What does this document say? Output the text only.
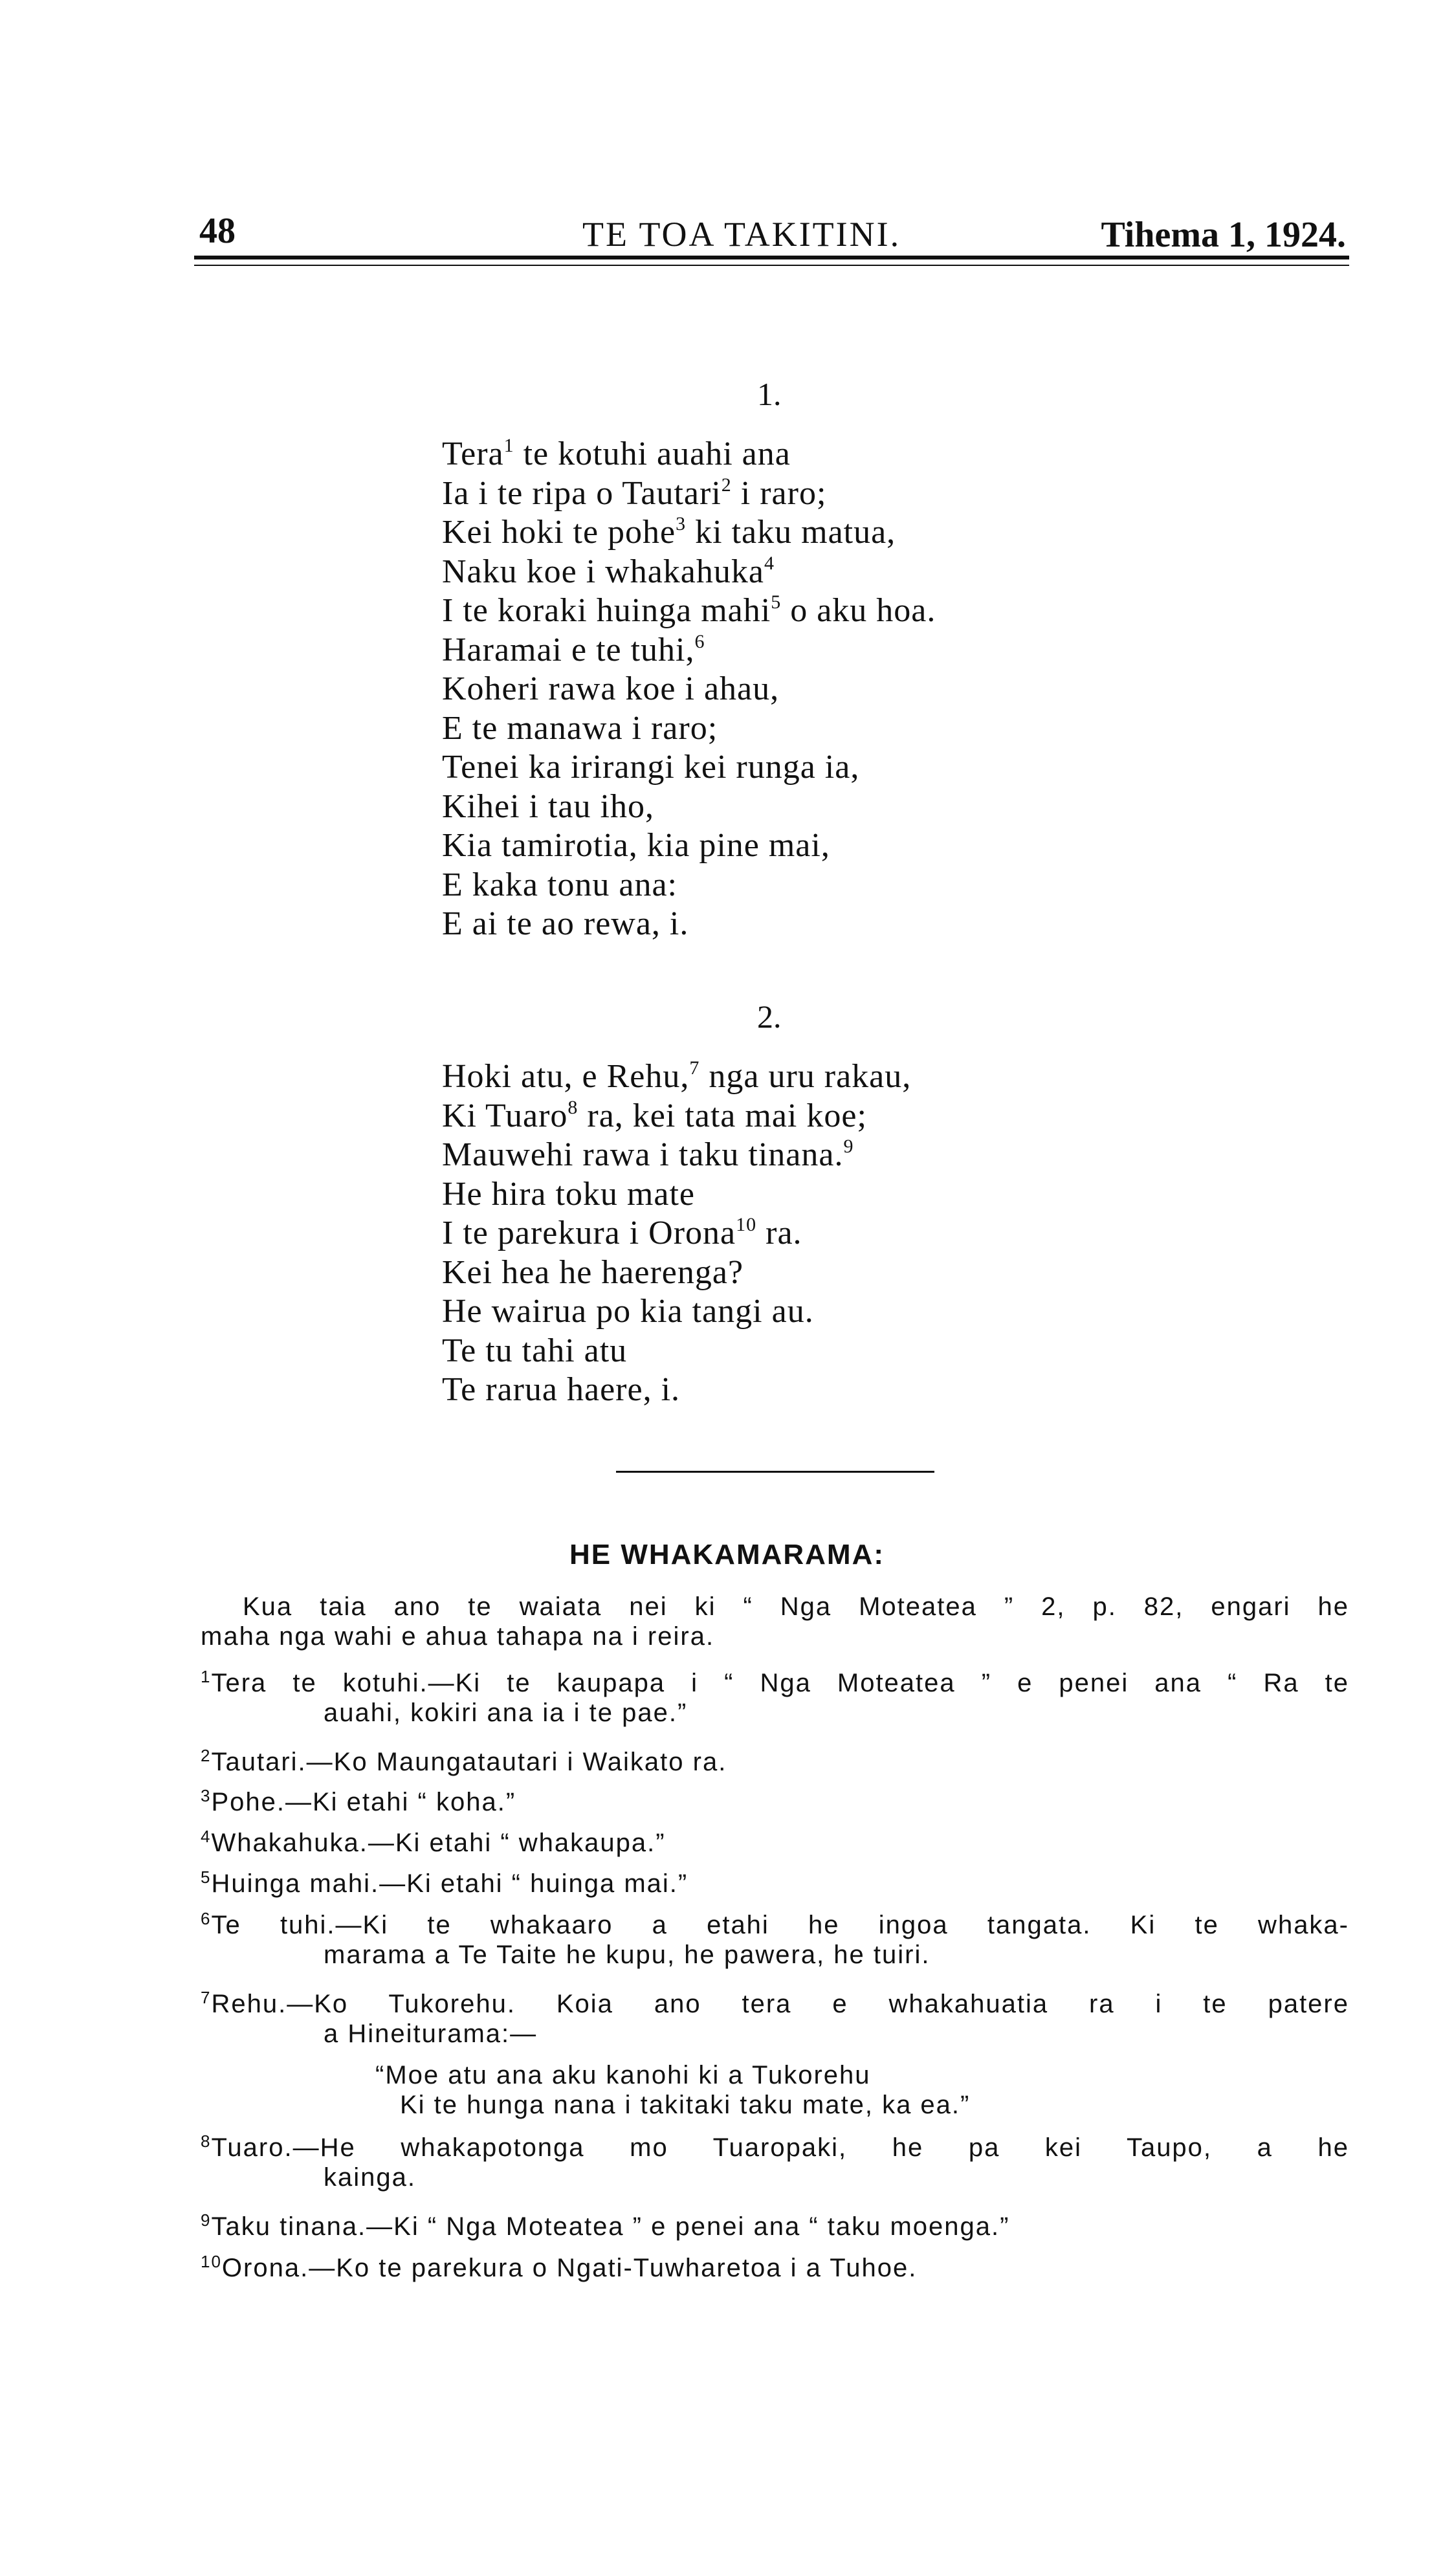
48	TE TOA TAKITINI.	Tihema 1, 1924.
1.
Tera$^1$ te kotuhi auahi ana
Ia i te ripa o Tautari$^2$ i raro;
Kei hoki te pohe$^3$ ki taku matua,
Naku koe i whakahuka$^4$
I te koraki huinga mahi$^5$ o aku hoa.
Haramai e te tuhi,$^6$
Koheri rawa koe i ahau,
E te manawa i raro;
Tenei ka irirangi kei runga ia,
Kihei i tau iho,
Kia tamirotia, kia pine mai,
E kaka tonu ana:
E ai te ao rewa, i.
2.
Hoki atu, e Rehu,$^7$ nga uru rakau,
Ki Tuaro$^8$ ra, kei tata mai koe;
Mauwehi rawa i taku tinana.$^9$
He hira toku mate
I te parekura i Orona$^{10}$ ra.
Kei hea he haerenga?
He wairua po kia tangi au.
Te tu tahi atu
Te rarua haere, i.
HE WHAKAMARAMA:
Kua taia ano te waiata nei ki “ Nga Moteatea ” 2, p. 82, engari he
maha nga wahi e ahua tahapa na i reira.
$^1$Tera te kotuhi.—Ki te kaupapa i “ Nga Moteatea ” e penei ana “ Ra te
auahi, kokiri ana ia i te pae.”
$^2$Tautari.—Ko Maungatautari i Waikato ra.
$^3$Pohe.—Ki etahi “ koha.”
$^4$Whakahuka.—Ki etahi “ whakaupa.”
$^5$Huinga mahi.—Ki etahi “ huinga mai.”
$^6$Te tuhi.—Ki te whakaaro a etahi he ingoa tangata. Ki te whaka-
marama a Te Taite he kupu, he pawera, he tuiri.
$^7$Rehu.—Ko Tukorehu. Koia ano tera e whakahuatia ra i te patere
a Hineiturama:—
“Moe atu ana aku kanohi ki a Tukorehu
Ki te hunga nana i takitaki taku mate, ka ea.”
$^8$Tuaro.—He whakapotonga mo Tuaropaki, he pa kei Taupo, a he
kainga.
$^9$Taku tinana.—Ki “ Nga Moteatea ” e penei ana “ taku moenga.”
$^{10}$Orona.—Ko te parekura o Ngati-Tuwharetoa i a Tuhoe.
